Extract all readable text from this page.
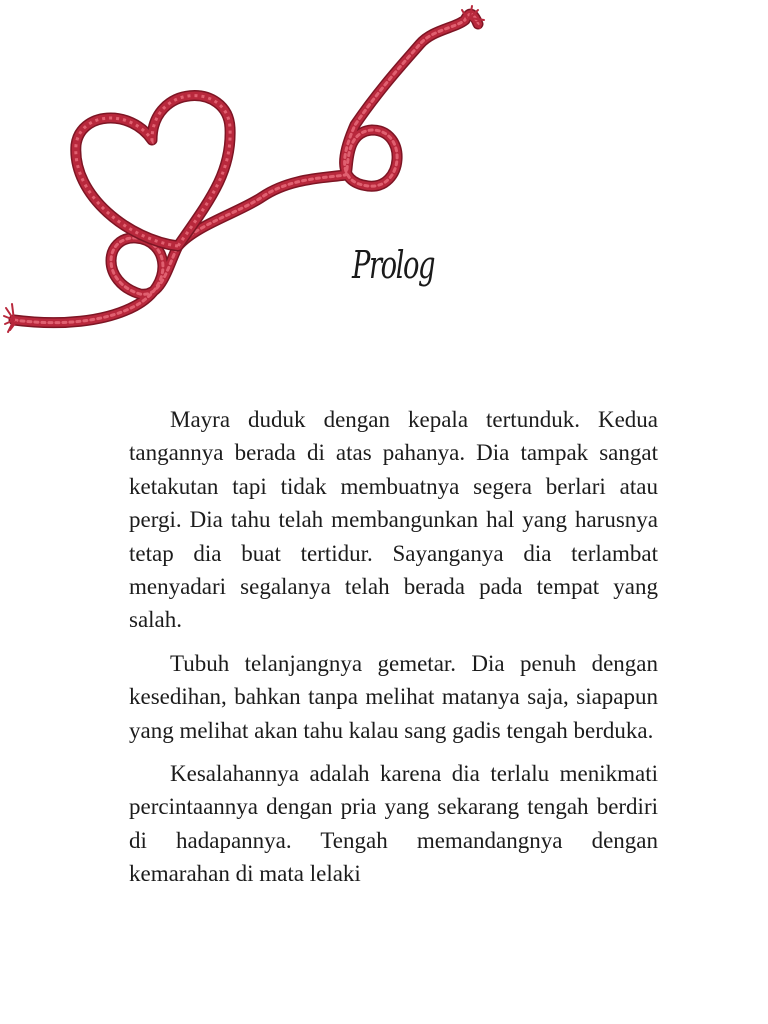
Prolog

Mayra duduk dengan kepala tertunduk. Kedua tangannya berada di atas pahanya. Dia tampak sangat ketakutan tapi tidak membuatnya segera berlari atau pergi. Dia tahu telah membangunkan hal yang harusnya tetap dia buat tertidur. Sayanganya dia terlambat menyadari segalanya telah berada pada tempat yang salah.

Tubuh telanjangnya gemetar. Dia penuh dengan kesedihan, bahkan tanpa melihat matanya saja, siapapun yang melihat akan tahu kalau sang gadis tengah berduka.

Kesalahannya adalah karena dia terlalu menikmati percintaannya dengan pria yang sekarang tengah berdiri di hadapannya. Tengah memandangnya dengan kemarahan di mata lelaki
